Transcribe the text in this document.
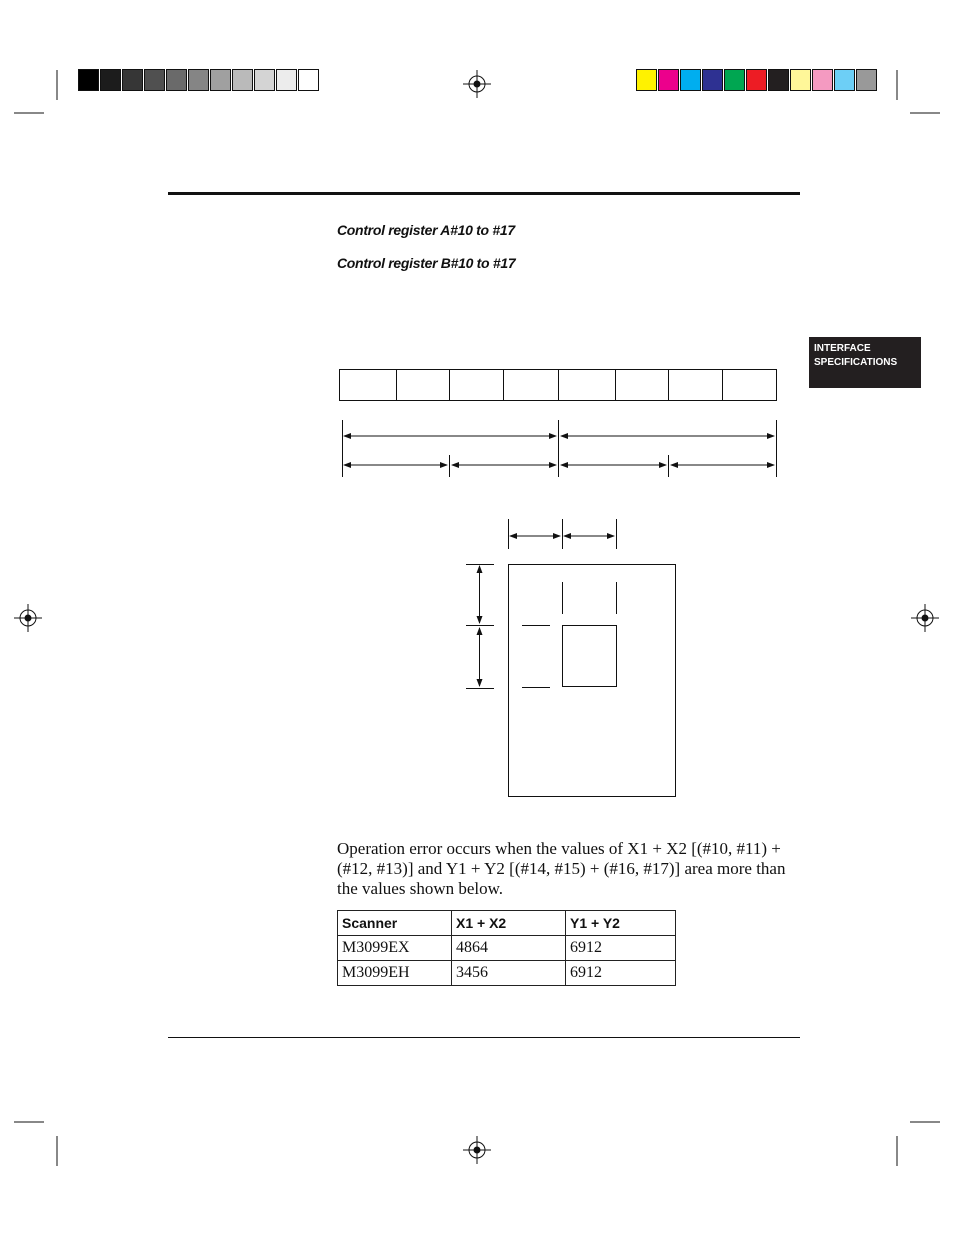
Control register A#10 to #17
Control register B#10 to #17
INTERFACE
SPECIFICATIONS
Operation error occurs when the values of X1 + X2 [(#10, #11) + (#12, #13)] and Y1 + Y2 [(#14, #15) + (#16, #17)] area more than the values shown below.
Scanner	X1 + X2	Y1 + Y2
M3099EX	4864	6912
M3099EH	3456	6912
